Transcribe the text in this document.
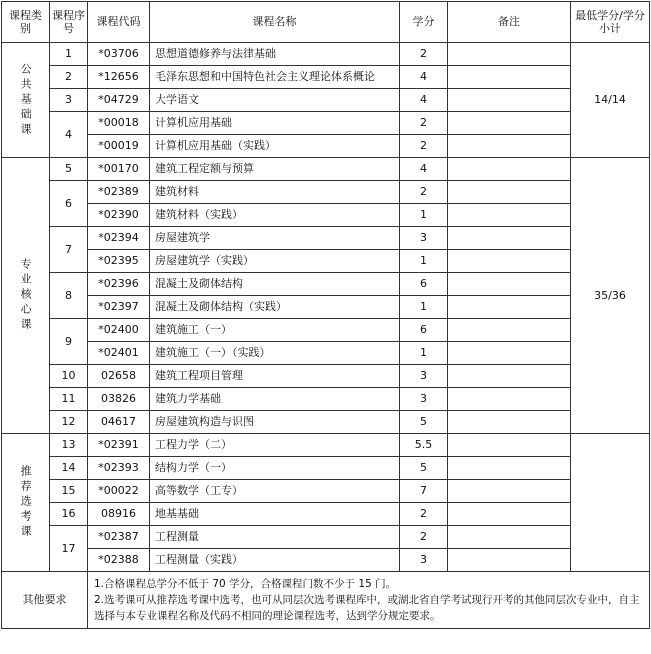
课程类别	课程序号	课程代码	课程名称	学分	备注	最低学分/学分小计
公共基础课	1	*03706	思想道德修养与法律基础	2		14/14
	2	*12656	毛泽东思想和中国特色社会主义理论体系概论	4		
	3	*04729	大学语文	4		
	4	*00018	计算机应用基础	2		
		*00019	计算机应用基础（实践）	2		
专业核心课	5	*00170	建筑工程定额与预算	4		35/36
	6	*02389	建筑材料	2		
		*02390	建筑材料（实践）	1		
	7	*02394	房屋建筑学	3		
		*02395	房屋建筑学（实践）	1		
	8	*02396	混凝土及砌体结构	6		
		*02397	混凝土及砌体结构（实践）	1		
	9	*02400	建筑施工（一）	6		
		*02401	建筑施工（一）（实践）	1		
	10	02658	建筑工程项目管理	3		
	11	03826	建筑力学基础	3		
	12	04617	房屋建筑构造与识图	5		
推荐选考课	13	*02391	工程力学（二）	5.5		
	14	*02393	结构力学（一）	5		
	15	*00022	高等数学（工专）	7		
	16	08916	地基基础	2		
	17	*02387	工程测量	2		
		*02388	工程测量（实践）	3		
其他要求		1.合格课程总学分不低于 70 学分，合格课程门数不少于 15 门。
2.选考课可从推荐选考课中选考，也可从同层次选考课程库中，或湖北省自学考试现行开考的其他同层次专业中，自主选择与本专业课程名称及代码不相同的理论课程选考，达到学分规定要求。				
